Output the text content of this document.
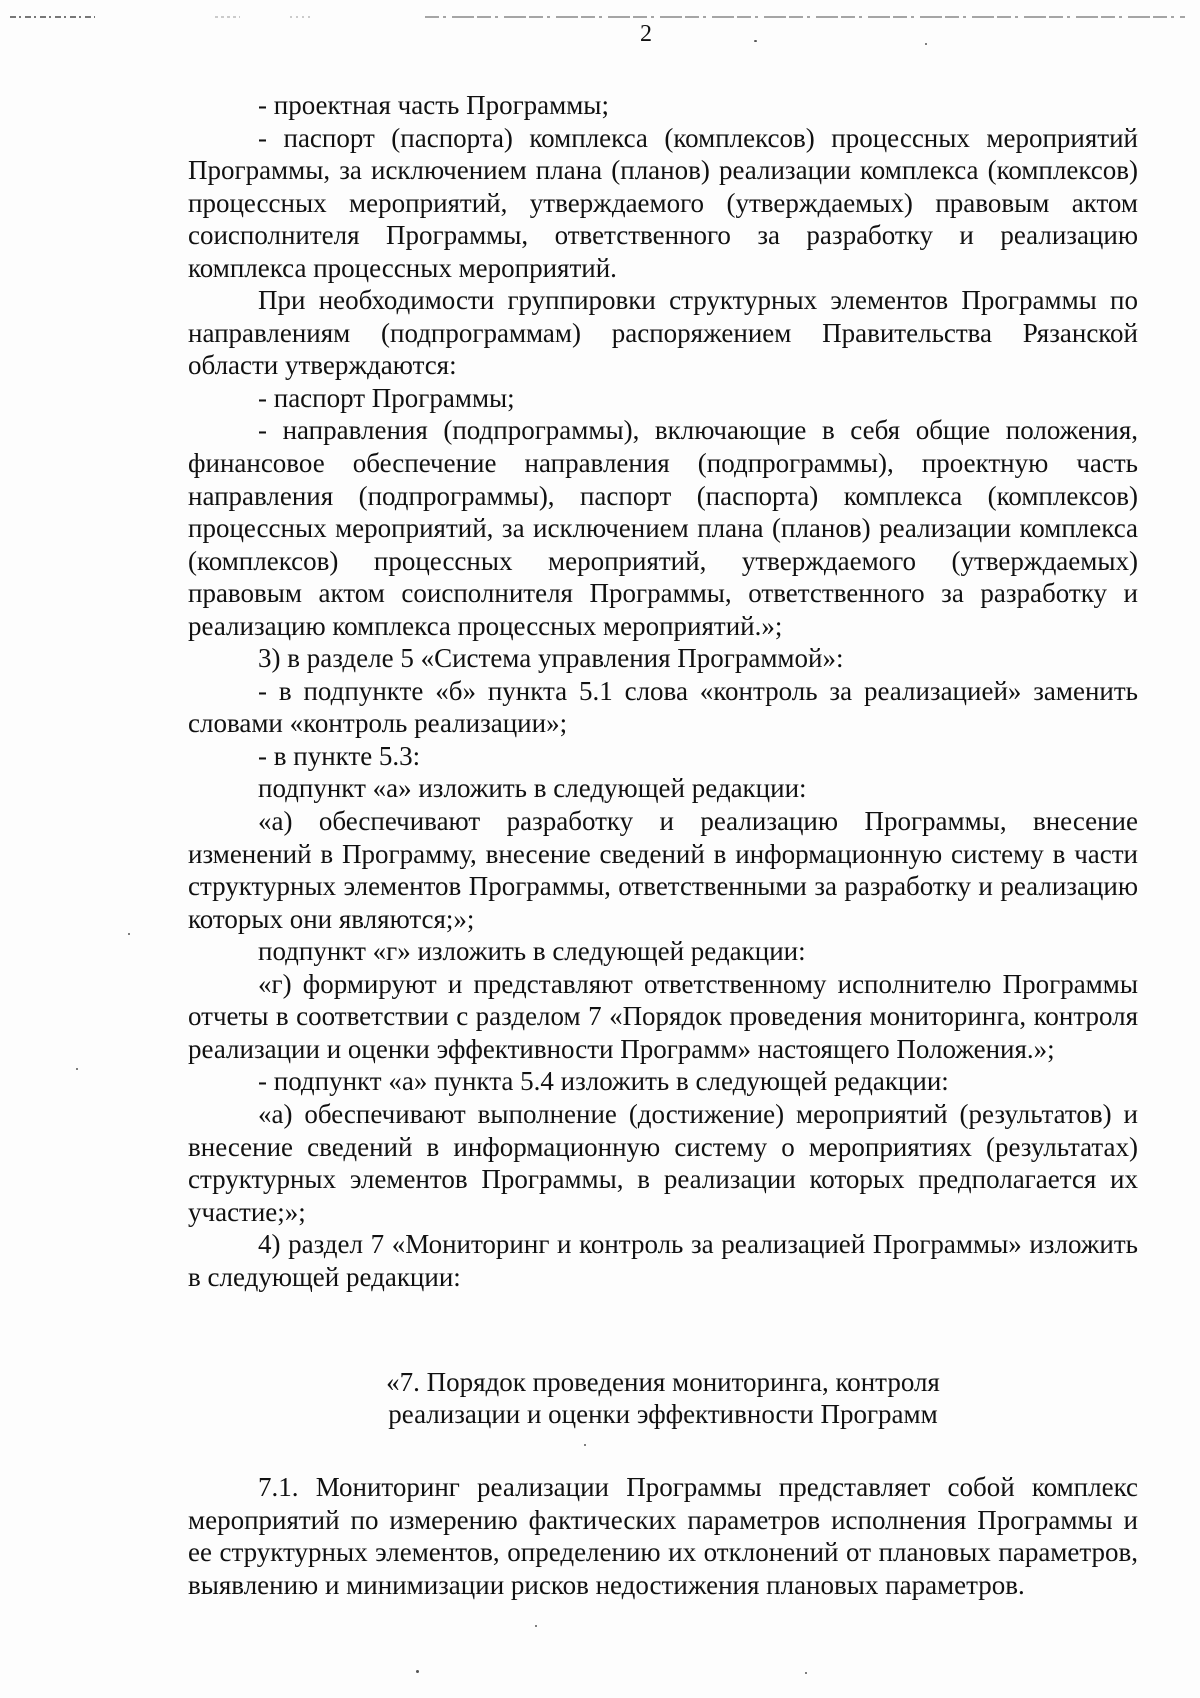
2

- проектная часть Программы;

- паспорт (паспорта) комплекса (комплексов) процессных мероприятий Программы, за исключением плана (планов) реализации комплекса (комплексов) процессных мероприятий, утверждаемого (утверждаемых) правовым актом соисполнителя Программы, ответственного за разработку и реализацию комплекса процессных мероприятий.

При необходимости группировки структурных элементов Программы по направлениям (подпрограммам) распоряжением Правительства Рязанской области утверждаются:

- паспорт Программы;

- направления (подпрограммы), включающие в себя общие положения, финансовое обеспечение направления (подпрограммы), проектную часть направления (подпрограммы), паспорт (паспорта) комплекса (комплексов) процессных мероприятий, за исключением плана (планов) реализации комплекса (комплексов) процессных мероприятий, утверждаемого (утверждаемых) правовым актом соисполнителя Программы, ответственного за разработку и реализацию комплекса процессных мероприятий.»;

3) в разделе 5 «Система управления Программой»:

- в подпункте «б» пункта 5.1 слова «контроль за реализацией» заменить словами «контроль реализации»;

- в пункте 5.3:

подпункт «а» изложить в следующей редакции:

«а) обеспечивают разработку и реализацию Программы, внесение изменений в Программу, внесение сведений в информационную систему в части структурных элементов Программы, ответственными за разработку и реализацию которых они являются;»;

подпункт «г» изложить в следующей редакции:

«г) формируют и представляют ответственному исполнителю Программы отчеты в соответствии с разделом 7 «Порядок проведения мониторинга, контроля реализации и оценки эффективности Программ» настоящего Положения.»;

- подпункт «а» пункта 5.4 изложить в следующей редакции:

«а) обеспечивают выполнение (достижение) мероприятий (результатов) и внесение сведений в информационную систему о мероприятиях (результатах) структурных элементов Программы, в реализации которых предполагается их участие;»;

4) раздел 7 «Мониторинг и контроль за реализацией Программы» изложить в следующей редакции:

«7. Порядок проведения мониторинга, контроля
реализации и оценки эффективности Программ

7.1. Мониторинг реализации Программы представляет собой комплекс мероприятий по измерению фактических параметров исполнения Программы и ее структурных элементов, определению их отклонений от плановых параметров, выявлению и минимизации рисков недостижения плановых параметров.
